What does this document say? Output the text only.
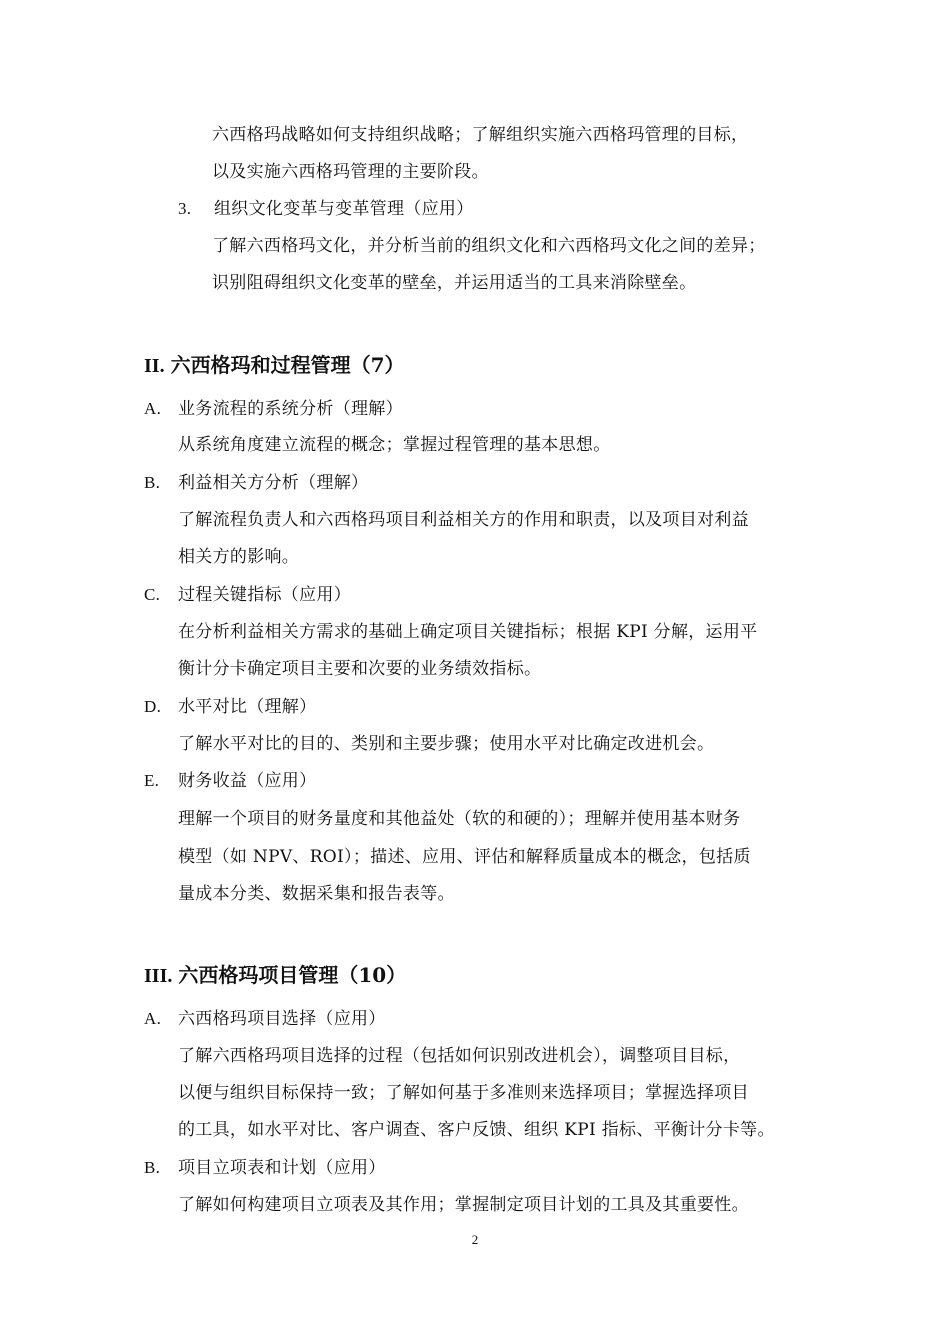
六西格玛战略如何支持组织战略；了解组织实施六西格玛管理的目标，
以及实施六西格玛管理的主要阶段。
3. 组织文化变革与变革管理（应用）
了解六西格玛文化，并分析当前的组织文化和六西格玛文化之间的差异；
识别阻碍组织文化变革的壁垒，并运用适当的工具来消除壁垒。
II. 六西格玛和过程管理（7）
A. 业务流程的系统分析（理解）
从系统角度建立流程的概念；掌握过程管理的基本思想。
B. 利益相关方分析（理解）
了解流程负责人和六西格玛项目利益相关方的作用和职责，以及项目对利益
相关方的影响。
C. 过程关键指标（应用）
在分析利益相关方需求的基础上确定项目关键指标；根据 KPI 分解，运用平
衡计分卡确定项目主要和次要的业务绩效指标。
D. 水平对比（理解）
了解水平对比的目的、类别和主要步骤；使用水平对比确定改进机会。
E. 财务收益（应用）
理解一个项目的财务量度和其他益处（软的和硬的）；理解并使用基本财务
模型（如 NPV、ROI）；描述、应用、评估和解释质量成本的概念，包括质
量成本分类、数据采集和报告表等。
III. 六西格玛项目管理（10）
A. 六西格玛项目选择（应用）
了解六西格玛项目选择的过程（包括如何识别改进机会），调整项目目标，
以便与组织目标保持一致；了解如何基于多准则来选择项目；掌握选择项目
的工具，如水平对比、客户调查、客户反馈、组织 KPI 指标、平衡计分卡等。
B. 项目立项表和计划（应用）
了解如何构建项目立项表及其作用；掌握制定项目计划的工具及其重要性。
2
